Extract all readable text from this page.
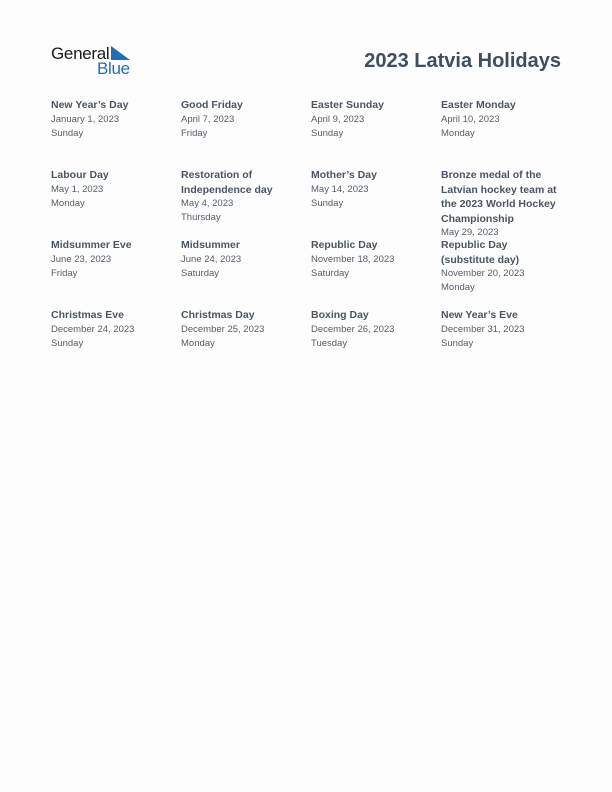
General
Blue	2023 Latvia Holidays
New Year’s Day
January 1, 2023
Sunday
Good Friday
April 7, 2023
Friday
Easter Sunday
April 9, 2023
Sunday
Easter Monday
April 10, 2023
Monday
Labour Day
May 1, 2023
Monday
Restoration of Independence day
May 4, 2023
Thursday
Mother’s Day
May 14, 2023
Sunday
Bronze medal of the Latvian hockey team at the 2023 World Hockey Championship
May 29, 2023
Midsummer Eve
June 23, 2023
Friday
Midsummer
June 24, 2023
Saturday
Republic Day
November 18, 2023
Saturday
Republic Day (substitute day)
November 20, 2023
Monday
Christmas Eve
December 24, 2023
Sunday
Christmas Day
December 25, 2023
Monday
Boxing Day
December 26, 2023
Tuesday
New Year’s Eve
December 31, 2023
Sunday
